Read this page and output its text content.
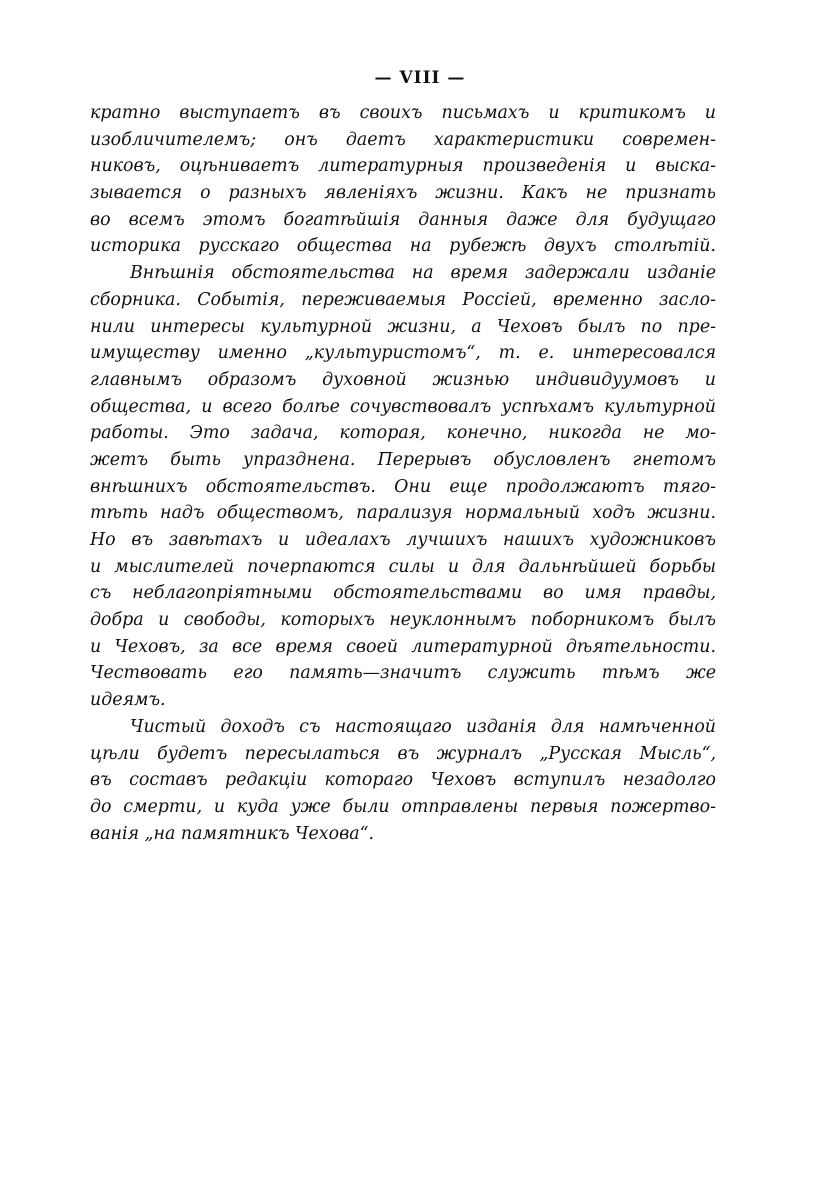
— VIII —
кратно выступаетъ въ своихъ письмахъ и критикомъ и
изобличителемъ; онъ даетъ характеристики современ-
никовъ, оцѣниваетъ литературныя произведенія и выска-
зывается о разныхъ явленіяхъ жизни. Какъ не признать
во всемъ этомъ богатѣйшія данныя даже для будущаго
историка русскаго общества на рубежѣ двухъ столѣтій.
Внѣшнія обстоятельства на время задержали изданіе
сборника. Событія, переживаемыя Россіей, временно засло-
нили интересы культурной жизни, а Чеховъ былъ по пре-
имуществу именно „культуристомъ“, т. е. интересовался
главнымъ образомъ духовной жизнью индивидуумовъ и
общества, и всего болѣе сочувствовалъ успѣхамъ культурной
работы. Это задача, которая, конечно, никогда не мо-
жетъ быть упразднена. Перерывъ обусловленъ гнетомъ
внѣшнихъ обстоятельствъ. Они еще продолжаютъ тяго-
тѣть надъ обществомъ, парализуя нормальный ходъ жизни.
Но въ завѣтахъ и идеалахъ лучшихъ нашихъ художниковъ
и мыслителей почерпаются силы и для дальнѣйшей борьбы
съ неблагопріятными обстоятельствами во имя правды,
добра и свободы, которыхъ неуклоннымъ поборникомъ былъ
и Чеховъ, за все время своей литературной дѣятельности.
Чествовать его память—значитъ служить тѣмъ же
идеямъ.
Чистый доходъ съ настоящаго изданія для намѣченной
цѣли будетъ пересылаться въ журналъ „Русская Мысль“,
въ составъ редакціи котораго Чеховъ вступилъ незадолго
до смерти, и куда уже были отправлены первыя пожертво-
ванія „на памятникъ Чехова“.
